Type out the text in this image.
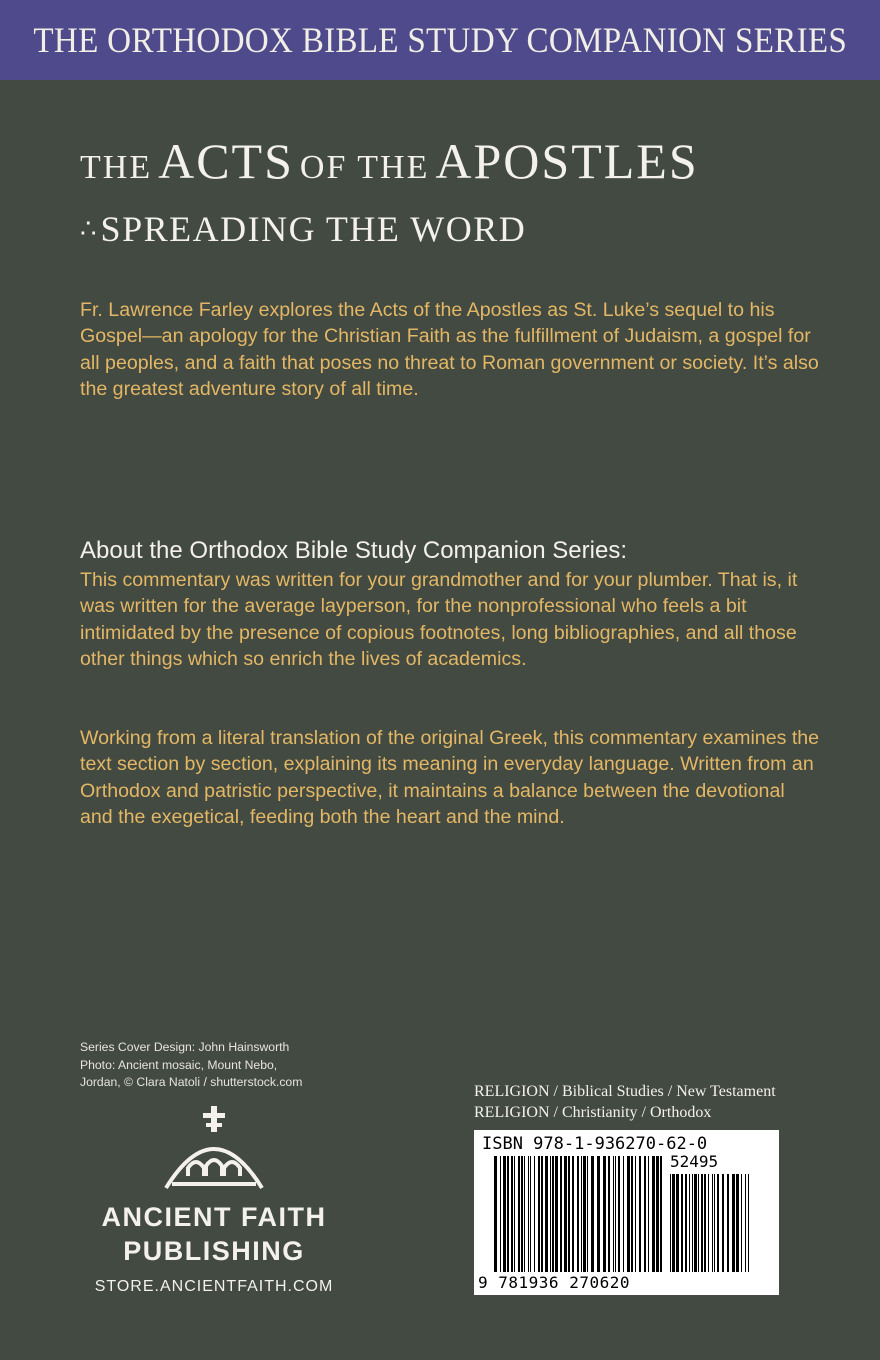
THE ORTHODOX BIBLE STUDY COMPANION SERIES
THE ACTS OF THE APOSTLES
∴ SPREADING THE WORD

Fr. Lawrence Farley explores the Acts of the Apostles as St. Luke’s sequel to his Gospel—an apology for the Christian Faith as the fulfillment of Judaism, a gospel for all peoples, and a faith that poses no threat to Roman government or society. It’s also the greatest adventure story of all time.

About the Orthodox Bible Study Companion Series:

This commentary was written for your grandmother and for your plumber. That is, it was written for the average layperson, for the nonprofessional who feels a bit intimidated by the presence of copious footnotes, long bibliographies, and all those other things which so enrich the lives of academics.

Working from a literal translation of the original Greek, this commentary examines the text section by section, explaining its meaning in everyday language. Written from an Orthodox and patristic perspective, it maintains a balance between the devotional and the exegetical, feeding both the heart and the mind.

Series Cover Design: John Hainsworth
Photo: Ancient mosaic, Mount Nebo,
Jordan, © Clara Natoli / shutterstock.com
ANCIENT FAITH
PUBLISHING
STORE.ANCIENTFAITH.COM
RELIGION / Biblical Studies / New Testament
RELIGION / Christianity / Orthodox
ISBN 978-1-936270-62-0
52495
9 781936 270620
